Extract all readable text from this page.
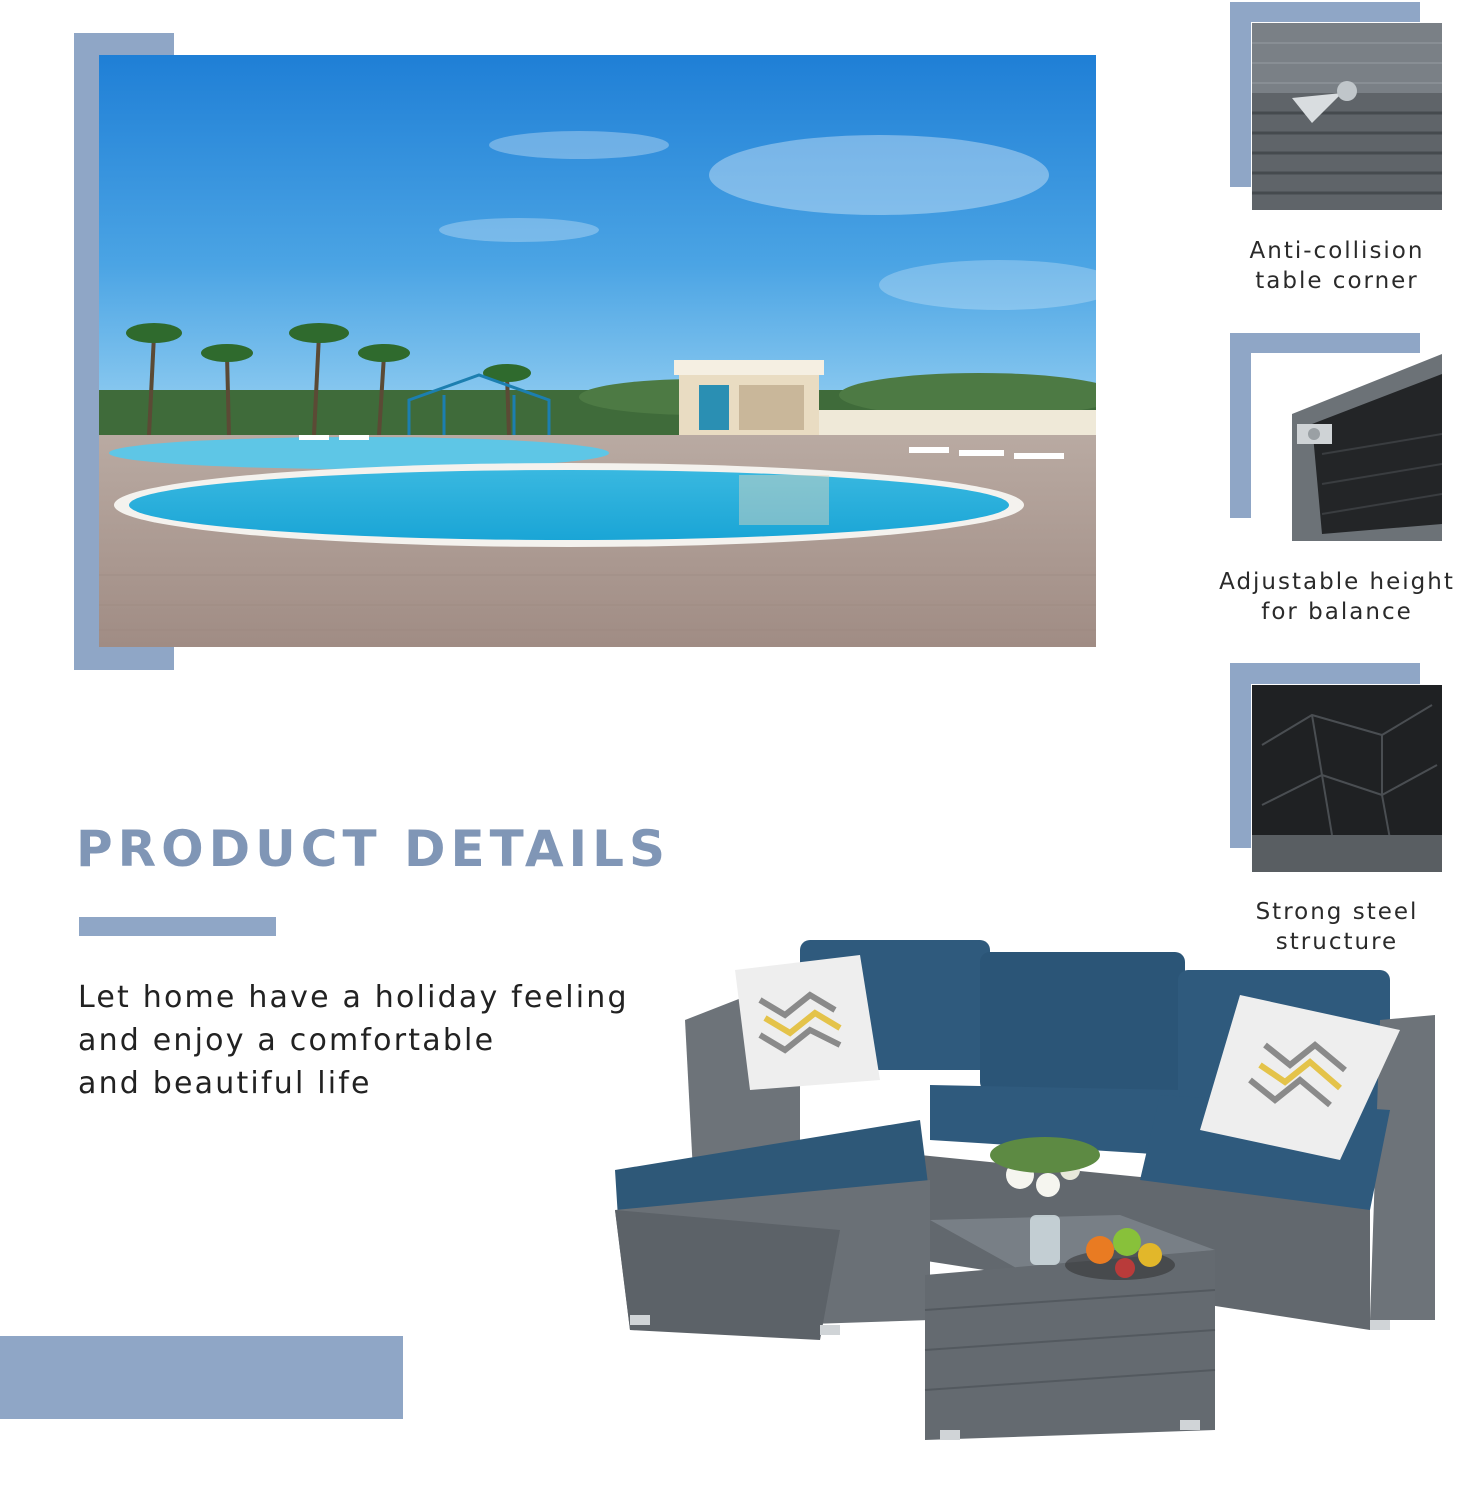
Anti-collision
table corner
Adjustable height
for balance
Strong steel
structure
PRODUCT DETAILS
Let home have a holiday feeling
and enjoy a comfortable
and beautiful life
